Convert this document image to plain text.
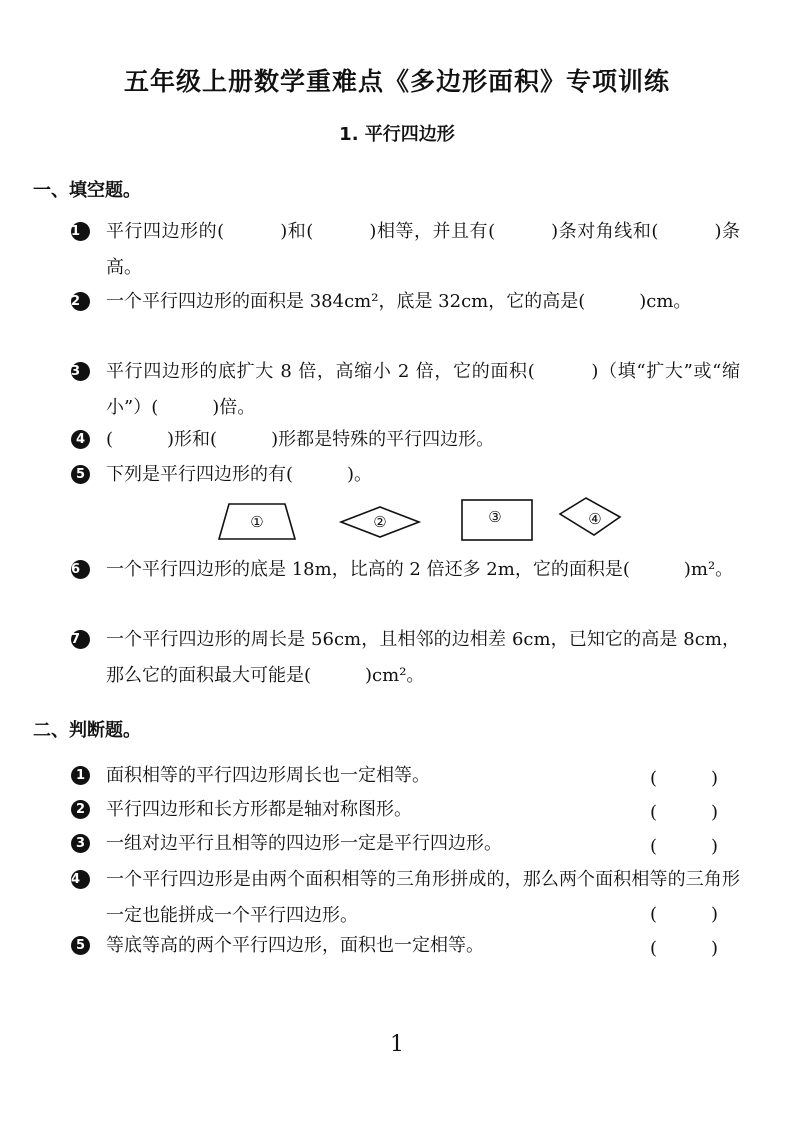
五年级上册数学重难点《多边形面积》专项训练
1. 平行四边形
一、填空题。
1	平行四边形的(　　　)和(　　　)相等，并且有(　　　)条对角线和(　　　)条高。
2	一个平行四边形的面积是 384cm²，底是 32cm，它的高是(　　　)cm。
3	平行四边形的底扩大 8 倍，高缩小 2 倍，它的面积(　　　)（填“扩大”或“缩小”）(　　　)倍。
4	(　　　)形和(　　　)形都是特殊的平行四边形。
5	下列是平行四边形的有(　　　)。
①	②	③	④
6	一个平行四边形的底是 18m，比高的 2 倍还多 2m，它的面积是(　　　)m²。
7	一个平行四边形的周长是 56cm，且相邻的边相差 6cm，已知它的高是 8cm，那么它的面积最大可能是(　　　)cm²。
二、判断题。
1	面积相等的平行四边形周长也一定相等。	(　　　)
2	平行四边形和长方形都是轴对称图形。	(　　　)
3	一组对边平行且相等的四边形一定是平行四边形。	(　　　)
4	一个平行四边形是由两个面积相等的三角形拼成的，那么两个面积相等的三角形一定也能拼成一个平行四边形。	(　　　)
5	等底等高的两个平行四边形，面积也一定相等。	(　　　)
1
